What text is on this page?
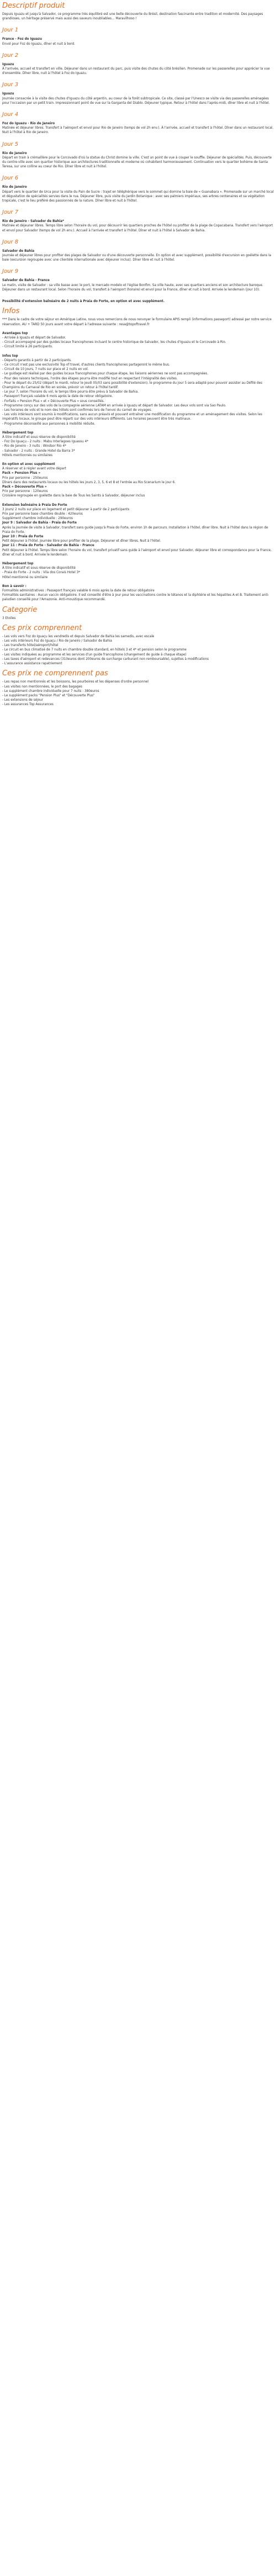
Descriptif produit

Depuis Iguazu et jusqu'à Salvador, ce programme très équilibré est une belle découverte du Brésil, destination fascinante entre tradition et modernité. Des paysages grandioses, un héritage préservé mais aussi des saveurs inoubliables... Maravilhoso !

Jour 1

France - Foz do Iguazu

Envol pour Foz do Iguazu, dîner et nuit à bord.

Jour 2

Iguazu

À l'arrivée, accueil et transfert en ville. Déjeuner dans un restaurant du parc, puis visite des chutes du côté brésilien. Promenade sur les passerelles pour apprécier la vue d'ensemble. Dîner libre, nuit à l'hôtel à Foz do Iguazu.

Jour 3

Iguazu

Journée consacrée à la visite des chutes d'Iguazu du côté argentin, au coeur de la forêt subtropicale. Ce site, classé par l'Unesco se visite via des passerelles aménagées pour l'occasion par un petit train. Impressionnant point de vue sur la Garganta del Diablo. Déjeuner typique. Retour à l'hôtel dans l'après-midi, dîner libre et nuit à l'hôtel.

Jour 4

Foz do Iguazu - Rio de Janeiro

Matinée et déjeuner libres. Transfert à l'aéroport et envol pour Rio de Janeiro (temps de vol 2h env.). À l'arrivée, accueil et transfert à l'hôtel. Dîner dans un restaurant local. Nuit à l'hôtel à Rio de Janeiro.

Jour 5

Rio de Janeiro

Départ en train à crémaillère pour le Corcovado d'où la statue du Christ domine la ville. C'est un point de vue à couper le souffle. Déjeuner de spécialités. Puis, découverte du centre-ville avec son quartier historique aux architectures traditionnelle et moderne où cohabitent harmonieusement. Continuation vers le quartier bohème de Santa Teresa, sur une colline au coeur de Rio. Dîner libre et nuit à l'hôtel.

Jour 6

Rio de Janeiro

Départ vers le quartier de Urca pour la visite du Pain de Sucre : trajet en téléphérique vers le sommet qui domine la baie de « Guanabara ». Promenade sur un marché local et dégustation de spécialités servies dans le rua. Déjeuner libre, puis visite du Jardin Botanique : avec ses palmiers impériaux, ses arbres centenaires et sa végétation tropicale, c'est le lieu préféré des passionnés de la nature. Dîner libre et nuit à l'hôtel.

Jour 7

Rio de Janeiro - Salvador de Bahia*

Matinée et déjeuner libres. Temps libre selon l'horaire du vol, pour découvrir les quartiers proches de l'hôtel ou profiter de la plage de Copacabana. Transfert vers l'aéroport et envol pour Salvador (temps de vol 2h env.). Accueil à l'arrivée et transfert à l'hôtel. Dîner et nuit à l'hôtel à Salvador de Bahia.

Jour 8

Salvador de Bahia

Journée et déjeuner libres pour profiter des plages de Salvador ou d'une découverte personnelle. En option et avec supplément, possibilité d'excursion en goélette dans la baie (excursion regroupée avec une clientèle internationale avec déjeuner inclus). Dîner libre et nuit à l'hôtel.

Jour 9

Salvador de Bahia - France

Le matin, visite de Salvador : sa ville basse avec le port, le mercado modelo et l'église Bonfim. Sa ville haute, avec ses quartiers anciens et son architecture baroque. Déjeuner dans un restaurant local. Selon l'horaire du vol, transfert à l'aéroport (horaire) et envol pour la France, dîner et nuit à bord. Arrivée le lendemain (jour 10).

Possibilité d'extension balnéaire de 2 nuits à Praia do Forte, en option et avec supplément.

Infos

*** Dans le cadre de votre séjour en Amérique Latine, nous vous remercions de nous renvoyer le formulaire APIS rempli (informations passeport) adressé par notre service réservation, AU + TARD 50 jours avant votre départ à l'adresse suivante : resa@topoftravel.fr

Avantages top

- Arrivée à Iguazu et départ de Salvador.

- Circuit accompagné par des guides locaux francophones incluant le centre historique de Salvador, les chutes d'Iguazu et le Corcovado à Rio.

- Circuit limité à 26 participants.

Infos top

- Départs garantis à partir de 2 participants.

- Ce circuit n'est pas une exclusivité Top of travel, d'autres clients francophones partageront le même bus.

- Circuit de 10 jours, 7 nuits sur place et 2 nuits en vol.

- Le guidage est réalisé par des guides locaux francophones pour chaque étape, les liaisons aériennes ne sont pas accompagnées.

- Pour des raisons techniques, l'ordre des étapes pourra être modifié tout en respectant l'intégralité des visites.

- Pour le départ du 25/02 (départ le mardi, retour le jeudi 05/03 sans possibilité d'extension), le programme du jour 5 sera adapté pour pouvoir assister au Défilé des Champions du Carnaval de Rio en soirée, prévoir un retour à l'hôtel tardif.

- Le jour 7, selon l'horaire du vol, le temps libre pourra être prévu à Salvador de Bahia.

- Passeport français valable 6 mois après la date de retour obligatoire.

- Forfaits « Pension Plus » et « Découverte Plus » sous conseillés.

- Programme conçu sur des vols de la compagnie aérienne LATAM en arrivée à Iguazu et départ de Salvador. Les deux vols sont via Sao Paulo.

- Les horaires de vols et le nom des hôtels sont confirmés lors de l'envoi du carnet de voyages.

- Les vols intérieurs sont soumis à modifications, sans aucun préavis et pouvant entraîner une modification du programme et un aménagement des visites. Selon les impératifs locaux, le groupe peut être réparti sur des vols intérieurs différents. Les horaires peuvent être très matinaux.

- Programme déconseillé aux personnes à mobilité réduite.

Hébergement top

À titre indicatif et sous réserve de disponibilité

- Foz Do Iguaçu - 2 nuits : Mabu Interlagoes Iguassu 4*

- Rio de Janeiro - 3 nuits : Windsor Rio 4*

- Salvador - 2 nuits : Grande Hotel da Barra 3*

Hôtels mentionnés ou similaires

En option et avec supplément

À réserver et à régler avant votre départ

Pack « Pension Plus »

Prix par personne : 250euros

Dîners dans des restaurants locaux ou les hôtels les jours 2, 3, 5, 6 et 8 et l'entrée au Rio Scenarium le jour 6.

Pack « Découverte Plus »

Prix par personne : 120euros

Croisière regroupée en goélette dans la baie de Tous les Saints à Salvador, déjeuner inclus

Extension balnéaire à Praia Do Forte

3 jours/ 2 nuits sur place en logement et petit déjeuner à partir de 2 participants

Prix par personne base chambre double : 420euros

Supplément chambre individuelle : 290euros

Jour 9 : Salvador de Bahia - Praia do Forte

Après la journée de visite à Salvador, transfert sans guide jusqu'à Praia do Forte, environ 1h de parcours. Installation à l'hôtel, dîner libre. Nuit à l'hôtel dans la région de Praia do Forte.

Jour 10 : Praia do Forte

Petit déjeuner à l'hôtel. Journée libre pour profiter de la plage. Déjeuner et dîner libres. Nuit à l'hôtel.

Jour 11 : Praia do Forte - Salvador de Bahia - France

Petit déjeuner à l'hôtel. Temps libre selon l'horaire du vol, transfert privatif sans guide à l'aéroport et envol pour Salvador, déjeuner libre et correspondance pour la France, dîner et nuit à bord. Arrivée le lendemain.

Hébergement top

À titre indicatif et sous réserve de disponibilité

- Praia do Forte - 2 nuits : Vila dos Corais Hotel 3*

Hôtel mentionné ou similaire

Bon à savoir :

Formalités administratives : Passeport français valable 6 mois après la date de retour obligatoire

Formalités sanitaires : Aucun vaccin obligatoire. Il est conseillé d'être à jour pour les vaccinations contre le tétanos et la diphtérie et les hépatites A et B. Traitement anti-paludien conseillé pour l'Amazonie. Anti-moustique recommandé.

Categorie

3 Etoiles

Ces prix comprennent

- Les vols vers Foz do Iguaçu les vendredis et depuis Salvador de Bahia les samedis, avec escale

- Les vols intérieurs Foz do Iguaçu / Rio de Janeiro / Salvador de Bahia

- Les transferts hôtel/aéroport/hôtel

- Le circuit en bus climatisé de 7 nuits en chambre double standard, en hôtels 3 et 4* et pension selon le programme

- Les visites indiquées au programme et les services d'un guide francophone (changement de guide à chaque étape)

- Les taxes d'aéroport et redevances (310euros dont 200euros de surcharge carburant non remboursable), sujettes à modifications

- L'assurance assistance rapatriement

Ces prix ne comprennent pas

- Les repas non mentionnés et les boissons, les pourboires et les dépenses d'ordre personnel

- Les visites non mentionnées, le port des bagages

- Le supplément chambre individuelle pour 7 nuits : 380euros

- Le supplément packs "Pension Plus" et "Découverte Plus"

- Les extensions de séjour

- Les assurances Top Assurances
